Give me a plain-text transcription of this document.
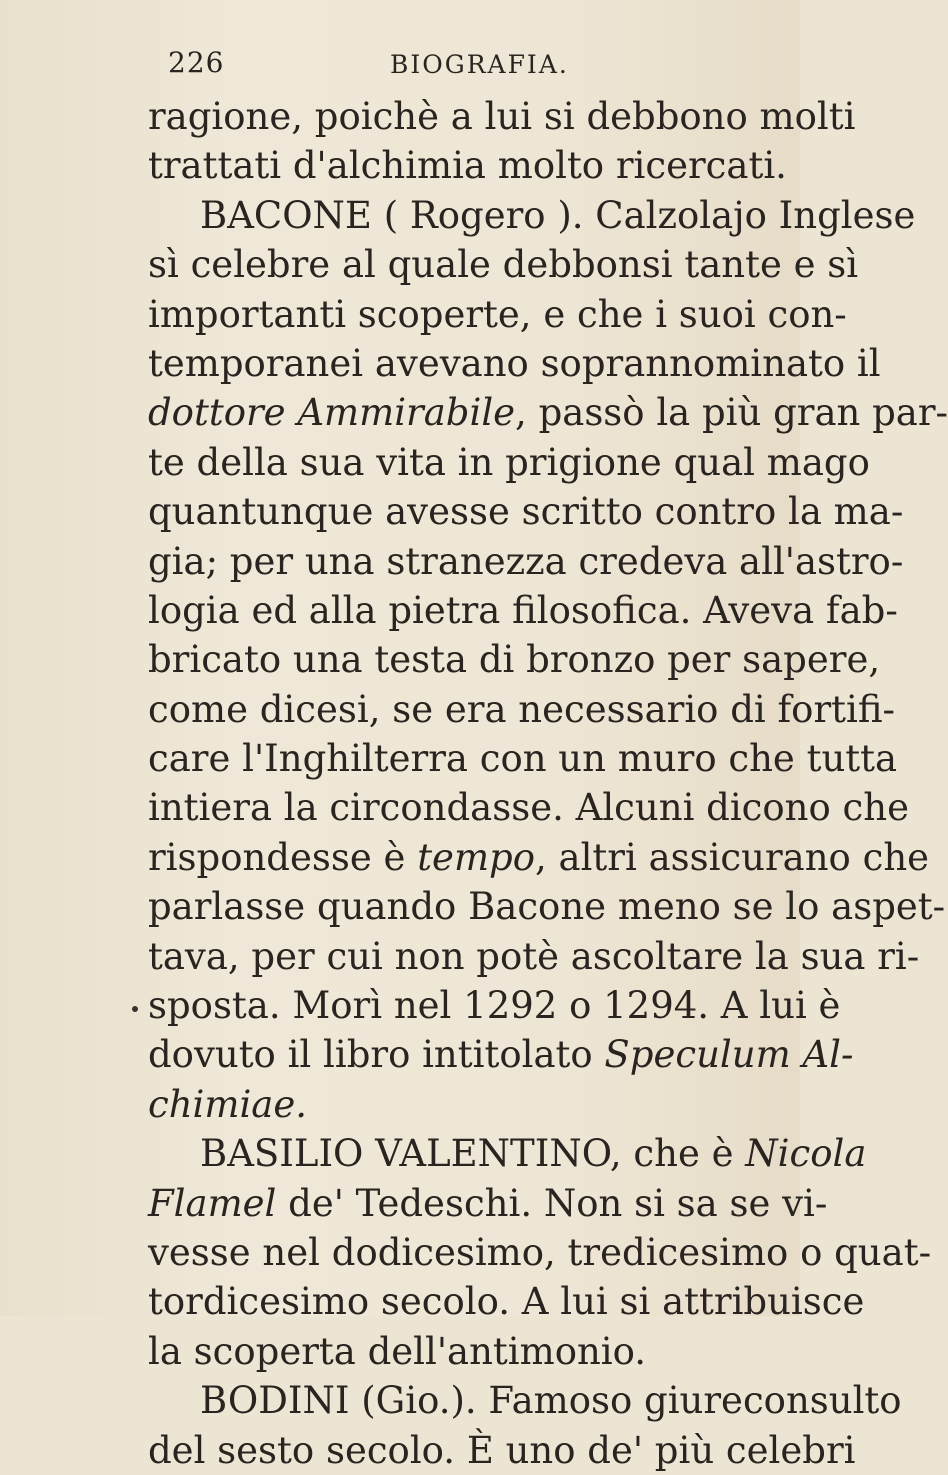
226	BIOGRAFIA.
ragione, poichè a lui si debbono molti
trattati d'alchimia molto ricercati.
BACONE ( Rogero ). Calzolajo Inglese
sì celebre al quale debbonsi tante e sì
importanti scoperte, e che i suoi con-
temporanei avevano soprannominato il
dottore Ammirabile, passò la più gran par-
te della sua vita in prigione qual mago
quantunque avesse scritto contro la ma-
gia; per una stranezza credeva all'astro-
logia ed alla pietra filosofica. Aveva fab-
bricato una testa di bronzo per sapere,
come dicesi, se era necessario di fortifi-
care l'Inghilterra con un muro che tutta
intiera la circondasse. Alcuni dicono che
rispondesse è tempo, altri assicurano che
parlasse quando Bacone meno se lo aspet-
tava, per cui non potè ascoltare la sua ri-
sposta. Morì nel 1292 o 1294. A lui è
dovuto il libro intitolato Speculum Al-
chimiae.
BASILIO VALENTINO, che è Nicola
Flamel de' Tedeschi. Non si sa se vi-
vesse nel dodicesimo, tredicesimo o quat-
tordicesimo secolo. A lui si attribuisce
la scoperta dell'antimonio.
BODINI (Gio.). Famoso giureconsulto
del sesto secolo. È uno de' più celebri
